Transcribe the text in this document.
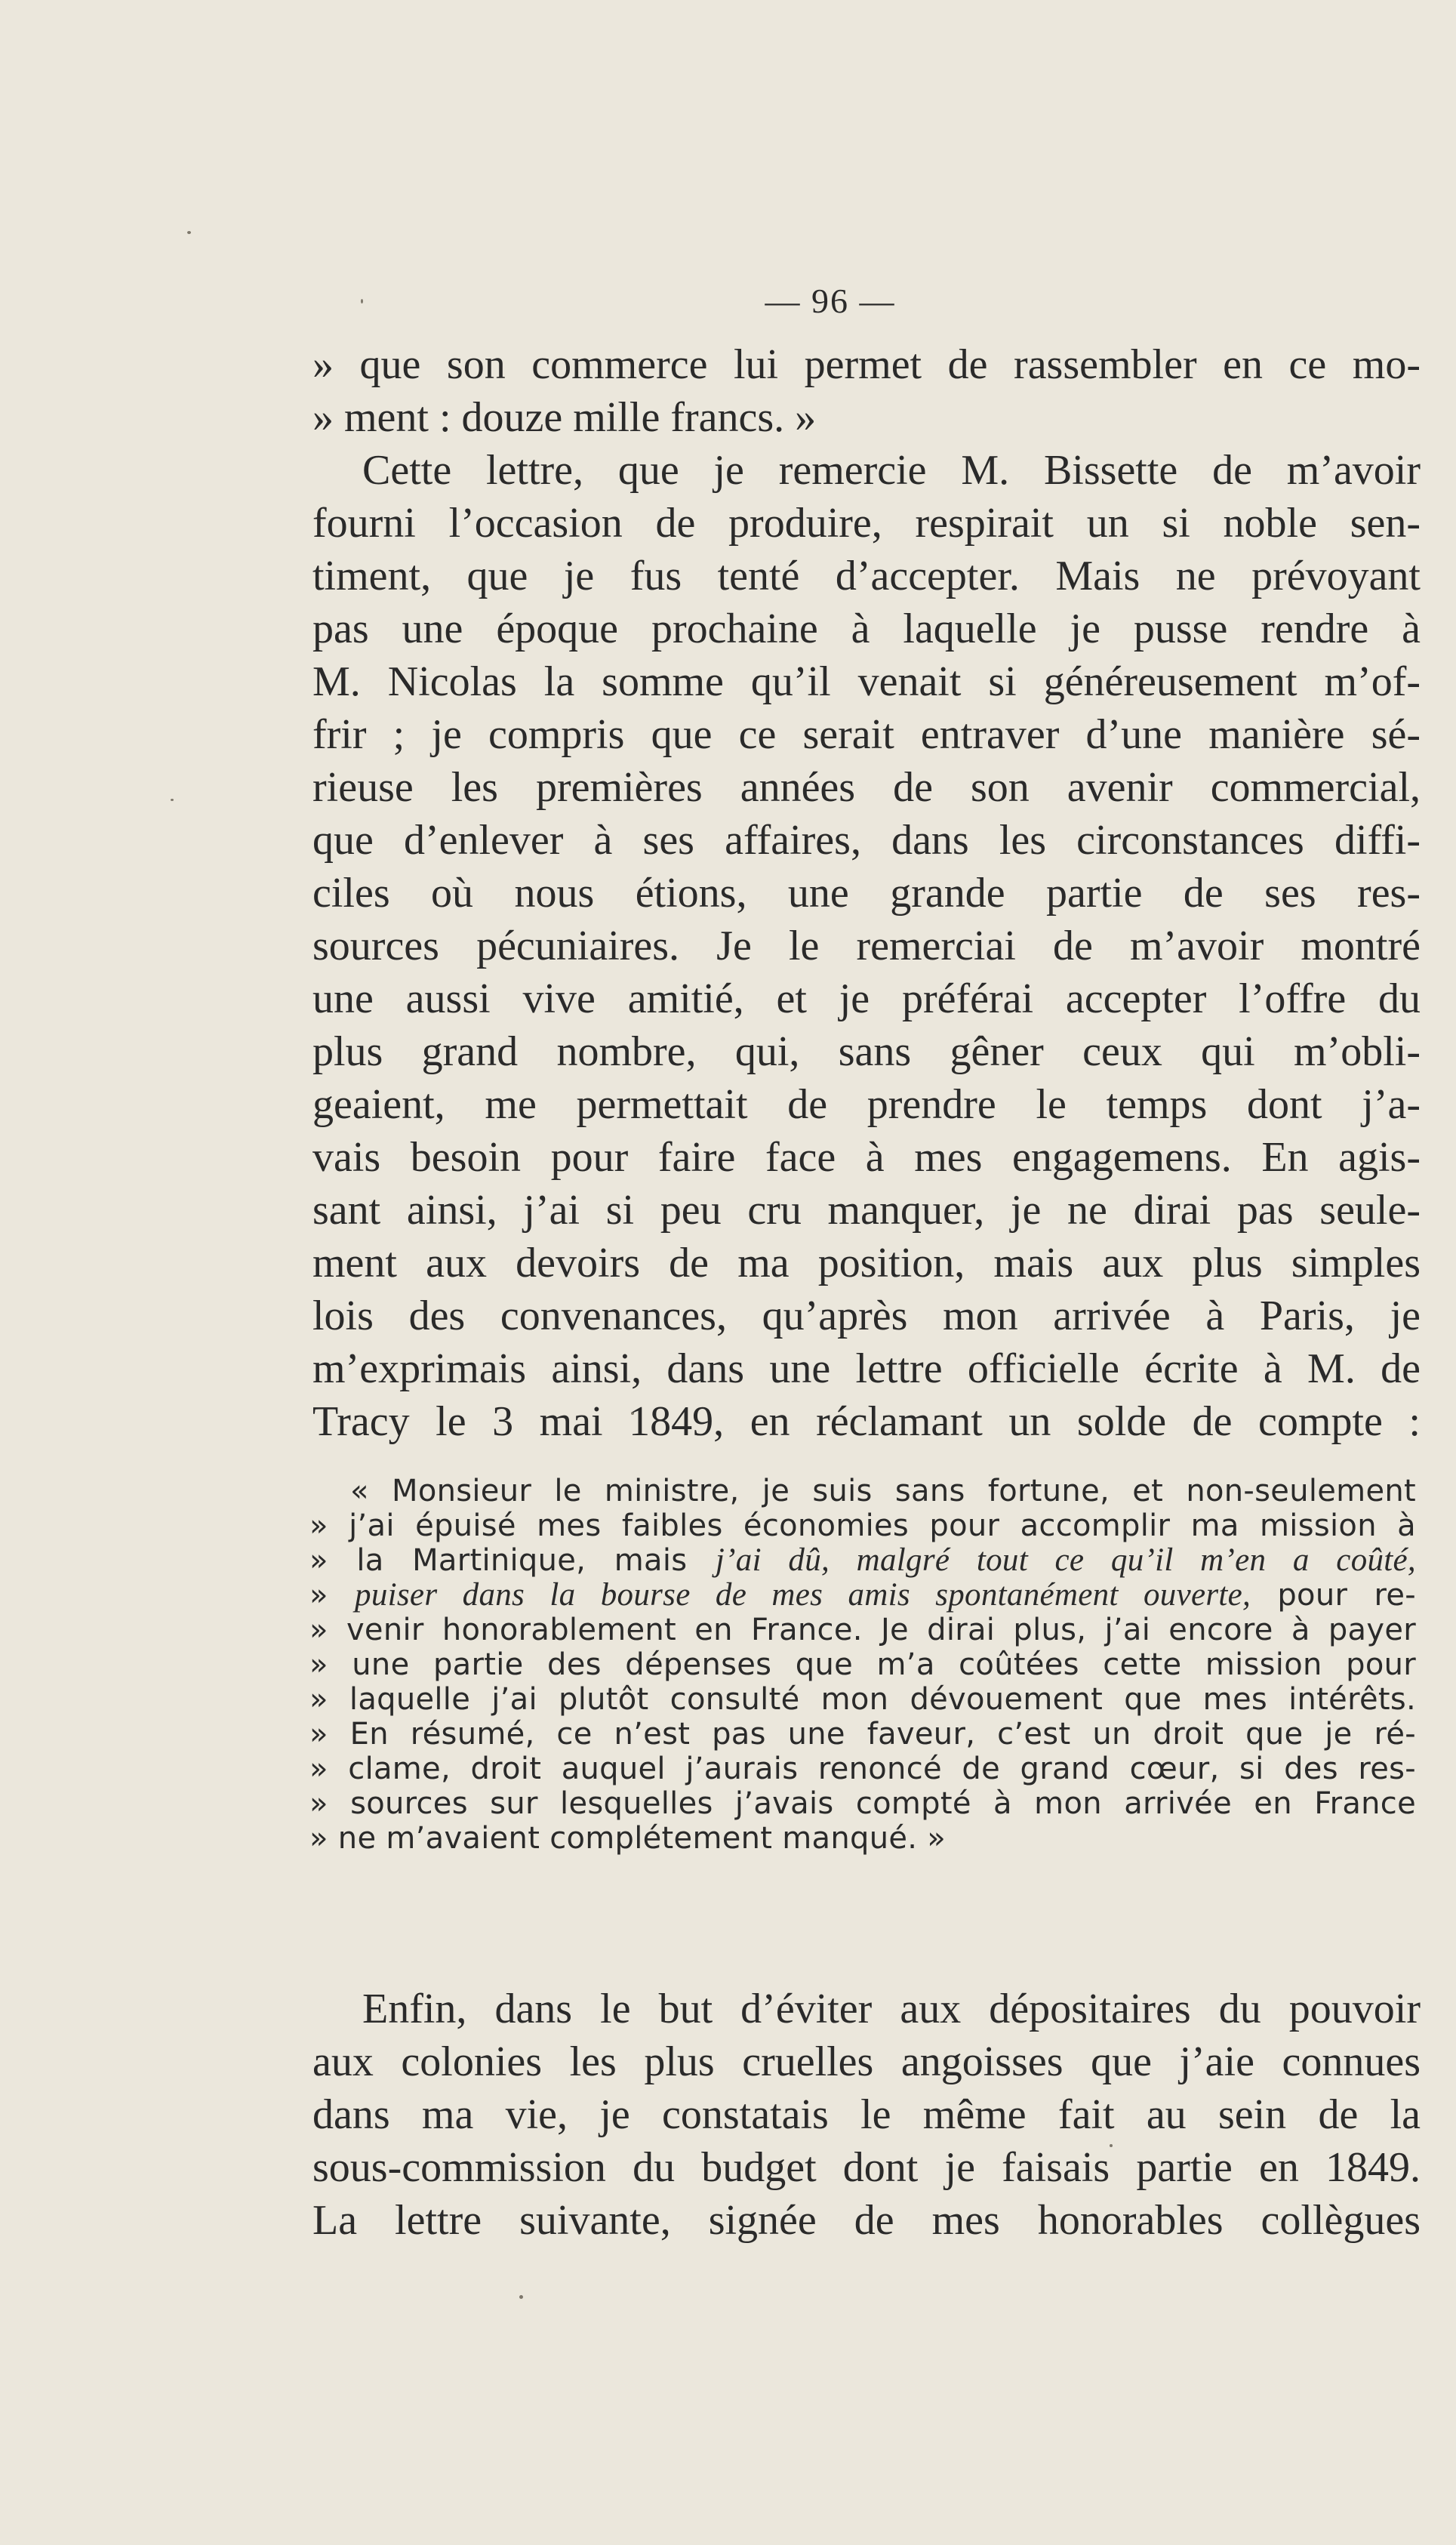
— 96 —
» que son commerce lui permet de rassembler en ce mo-
» ment : douze mille francs. »
Cette lettre, que je remercie M. Bissette de m’avoir
fourni l’occasion de produire, respirait un si noble sen-
timent, que je fus tenté d’accepter. Mais ne prévoyant
pas une époque prochaine à laquelle je pusse rendre à
M. Nicolas la somme qu’il venait si généreusement m’of-
frir ; je compris que ce serait entraver d’une manière sé-
rieuse les premières années de son avenir commercial,
que d’enlever à ses affaires, dans les circonstances diffi-
ciles où nous étions, une grande partie de ses res-
sources pécuniaires. Je le remerciai de m’avoir montré
une aussi vive amitié, et je préférai accepter l’offre du
plus grand nombre, qui, sans gêner ceux qui m’obli-
geaient, me permettait de prendre le temps dont j’a-
vais besoin pour faire face à mes engagemens. En agis-
sant ainsi, j’ai si peu cru manquer, je ne dirai pas seule-
ment aux devoirs de ma position, mais aux plus simples
lois des convenances, qu’après mon arrivée à Paris, je
m’exprimais ainsi, dans une lettre officielle écrite à M. de
Tracy le 3 mai 1849, en réclamant un solde de compte :
« Monsieur le ministre, je suis sans fortune, et non-seulement
» j’ai épuisé mes faibles économies pour accomplir ma mission à
» la Martinique, mais j’ai dû, malgré tout ce qu’il m’en a coûté,
» puiser dans la bourse de mes amis spontanément ouverte, pour re-
» venir honorablement en France. Je dirai plus, j’ai encore à payer
» une partie des dépenses que m’a coûtées cette mission pour
» laquelle j’ai plutôt consulté mon dévouement que mes intérêts.
» En résumé, ce n’est pas une faveur, c’est un droit que je ré-
» clame, droit auquel j’aurais renoncé de grand cœur, si des res-
» sources sur lesquelles j’avais compté à mon arrivée en France
» ne m’avaient complétement manqué. »
Enfin, dans le but d’éviter aux dépositaires du pouvoir
aux colonies les plus cruelles angoisses que j’aie connues
dans ma vie, je constatais le même fait au sein de la
sous-commission du budget dont je faisais partie en 1849.
La lettre suivante, signée de mes honorables collègues
